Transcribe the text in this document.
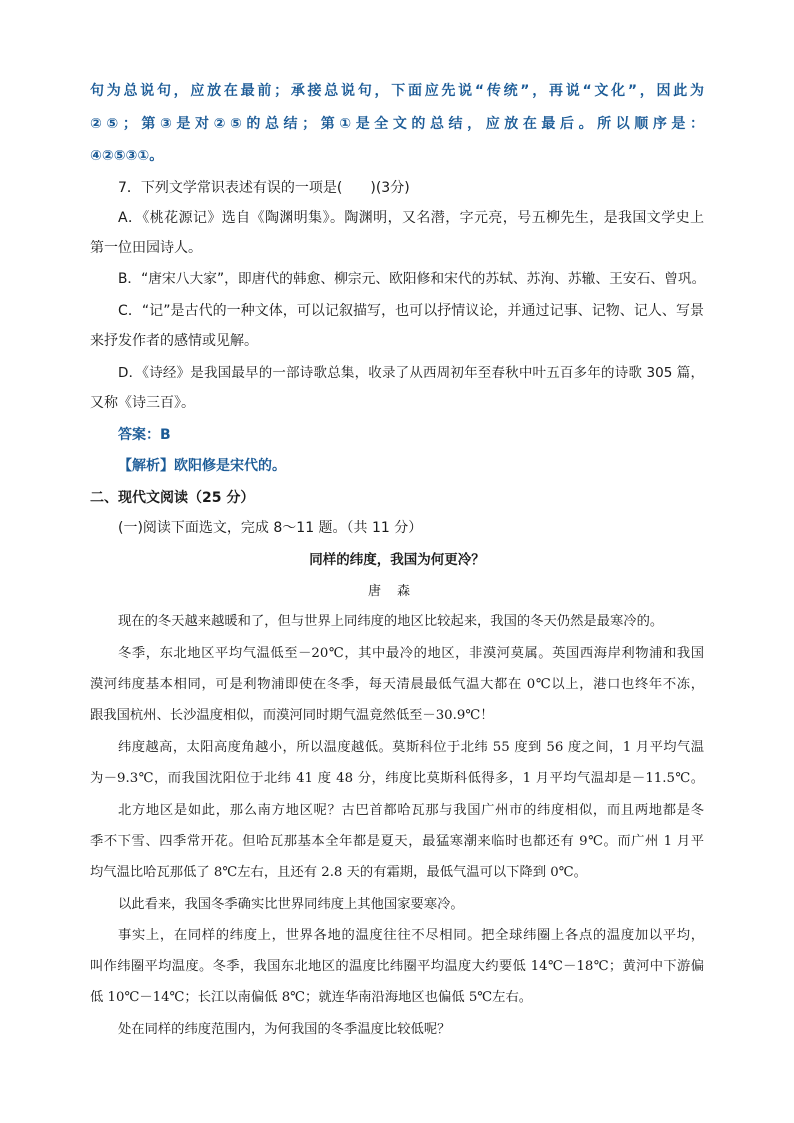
句为总说句，应放在最前；承接总说句，下面应先说“传统”，再说“文化”，因此为
②⑤；第③是对②⑤的总结；第①是全文的总结，应放在最后。所以顺序是：
④②⑤③①。
7．下列文学常识表述有误的一项是(　　)(3分)
A．《桃花源记》选自《陶渊明集》。陶渊明，又名潜，字元亮，号五柳先生，是我国文学史上
第一位田园诗人。
B．“唐宋八大家”，即唐代的韩愈、柳宗元、欧阳修和宋代的苏轼、苏洵、苏辙、王安石、曾巩。
C．“记”是古代的一种文体，可以记叙描写，也可以抒情议论，并通过记事、记物、记人、写景
来抒发作者的感情或见解。
D．《诗经》是我国最早的一部诗歌总集，收录了从西周初年至春秋中叶五百多年的诗歌 305 篇，
又称《诗三百》。
答案：B
【解析】欧阳修是宋代的。
二、现代文阅读（25 分）
(一)阅读下面选文，完成 8～11 题。（共 11 分）
同样的纬度，我国为何更冷？
唐森
现在的冬天越来越暖和了，但与世界上同纬度的地区比较起来，我国的冬天仍然是最寒冷的。
冬季，东北地区平均气温低至－20℃，其中最冷的地区，非漠河莫属。英国西海岸利物浦和我国
漠河纬度基本相同，可是利物浦即使在冬季，每天清晨最低气温大都在 0℃以上，港口也终年不冻，
跟我国杭州、长沙温度相似，而漠河同时期气温竟然低至－30.9℃！
纬度越高，太阳高度角越小，所以温度越低。莫斯科位于北纬 55 度到 56 度之间，1 月平均气温
为－9.3℃，而我国沈阳位于北纬 41 度 48 分，纬度比莫斯科低得多，1 月平均气温却是－11.5℃。
北方地区是如此，那么南方地区呢？古巴首都哈瓦那与我国广州市的纬度相似，而且两地都是冬
季不下雪、四季常开花。但哈瓦那基本全年都是夏天，最猛寒潮来临时也都还有 9℃。而广州 1 月平
均气温比哈瓦那低了 8℃左右，且还有 2.8 天的有霜期，最低气温可以下降到 0℃。
以此看来，我国冬季确实比世界同纬度上其他国家要寒冷。
事实上，在同样的纬度上，世界各地的温度往往不尽相同。把全球纬圈上各点的温度加以平均，
叫作纬圈平均温度。冬季，我国东北地区的温度比纬圈平均温度大约要低 14℃－18℃；黄河中下游偏
低 10℃－14℃；长江以南偏低 8℃；就连华南沿海地区也偏低 5℃左右。
处在同样的纬度范围内，为何我国的冬季温度比较低呢？
